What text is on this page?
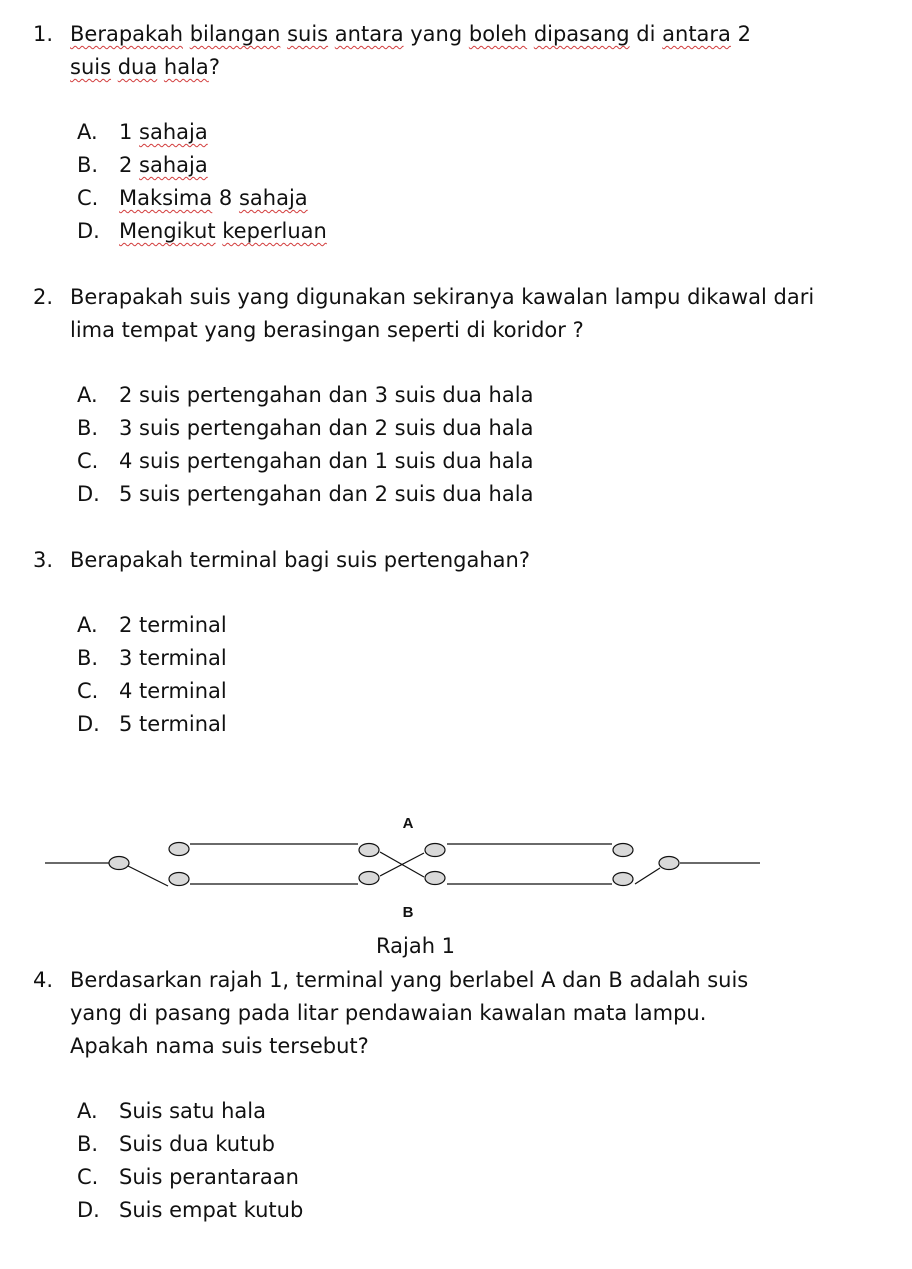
1. Berapakah bilangan suis antara yang boleh dipasang di antara 2
suis dua hala?
A. 1 sahaja
B. 2 sahaja
C. Maksima 8 sahaja
D. Mengikut keperluan
2. Berapakah suis yang digunakan sekiranya kawalan lampu dikawal dari
lima tempat yang berasingan seperti di koridor ?
A. 2 suis pertengahan dan 3 suis dua hala
B. 3 suis pertengahan dan 2 suis dua hala
C. 4 suis pertengahan dan 1 suis dua hala
D. 5 suis pertengahan dan 2 suis dua hala
3. Berapakah terminal bagi suis pertengahan?
A. 2 terminal
B. 3 terminal
C. 4 terminal
D. 5 terminal
A
B
Rajah 1
4. Berdasarkan rajah 1, terminal yang berlabel A dan B adalah suis
yang di pasang pada litar pendawaian kawalan mata lampu.
Apakah nama suis tersebut?
A. Suis satu hala
B. Suis dua kutub
C. Suis perantaraan
D. Suis empat kutub
